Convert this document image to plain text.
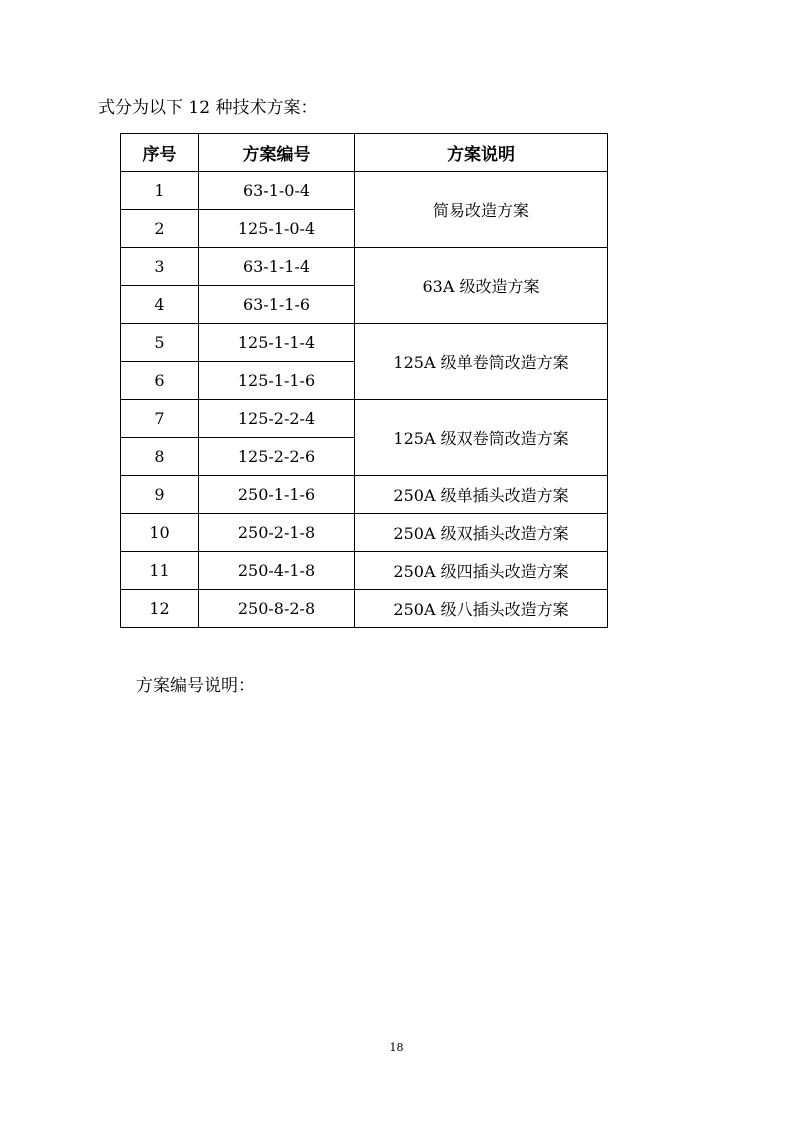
式分为以下 12 种技术方案：
序号	方案编号	方案说明
1	63-1-0-4	简易改造方案
2	125-1-0-4	
3	63-1-1-4	63A 级改造方案
4	63-1-1-6	
5	125-1-1-4	125A 级单卷筒改造方案
6	125-1-1-6	
7	125-2-2-4	125A 级双卷筒改造方案
8	125-2-2-6	
9	250-1-1-6	250A 级单插头改造方案
10	250-2-1-8	250A 级双插头改造方案
11	250-4-1-8	250A 级四插头改造方案
12	250-8-2-8	250A 级八插头改造方案
方案编号说明：
18
